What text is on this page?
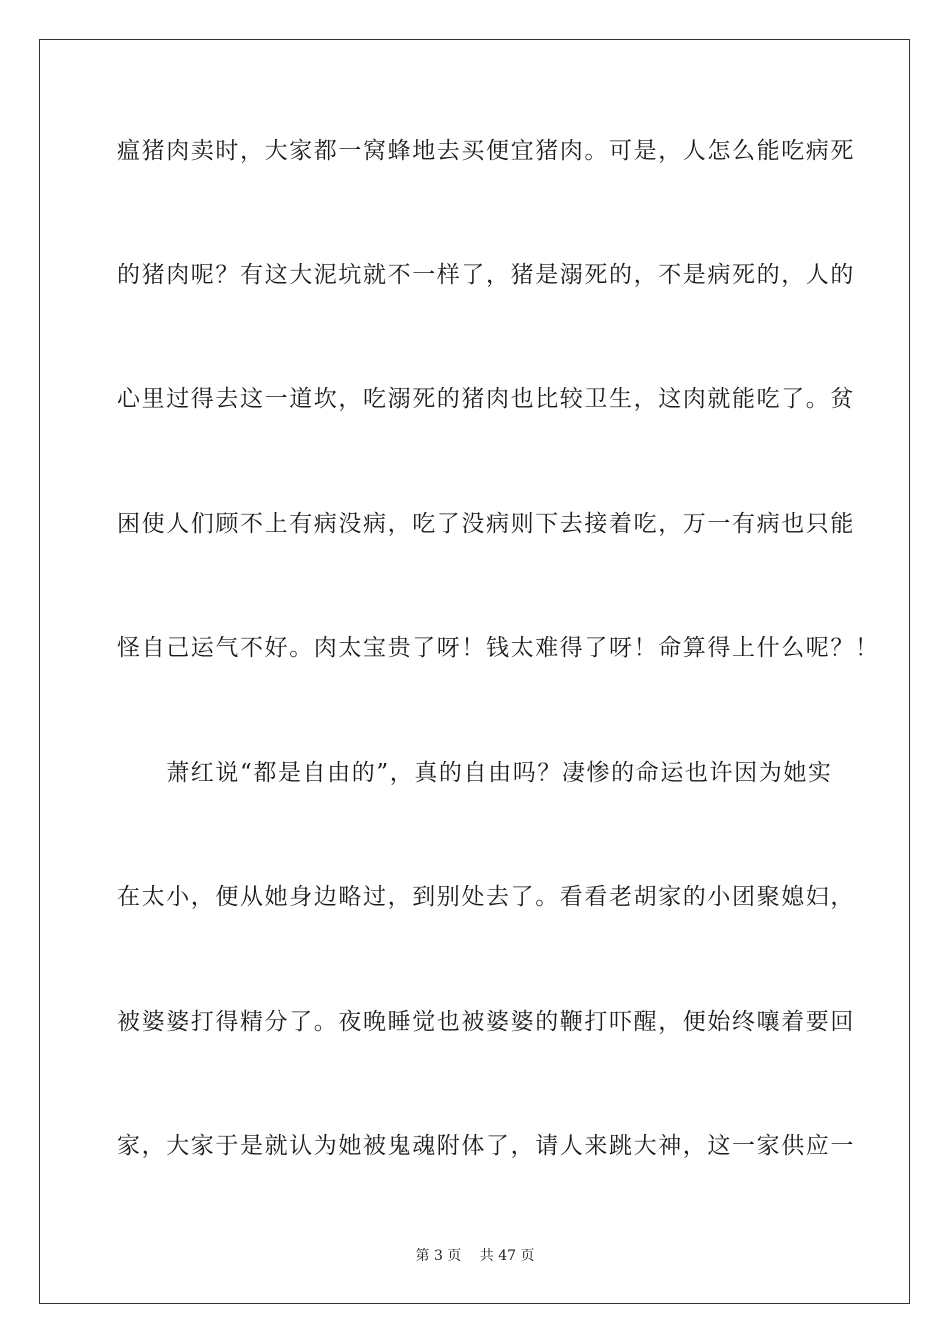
瘟猪肉卖时，大家都一窝蜂地去买便宜猪肉。可是，人怎么能吃病死
的猪肉呢？有这大泥坑就不一样了，猪是溺死的，不是病死的，人的
心里过得去这一道坎，吃溺死的猪肉也比较卫生，这肉就能吃了。贫
困使人们顾不上有病没病，吃了没病则下去接着吃，万一有病也只能
怪自己运气不好。肉太宝贵了呀！钱太难得了呀！命算得上什么呢？！
　　萧红说“都是自由的”，真的自由吗？凄惨的命运也许因为她实
在太小，便从她身边略过，到别处去了。看看老胡家的小团聚媳妇，
被婆婆打得精分了。夜晚睡觉也被婆婆的鞭打吓醒，便始终嚷着要回
家，大家于是就认为她被鬼魂附体了，请人来跳大神，这一家供应一
第 3 页　 共 47 页
